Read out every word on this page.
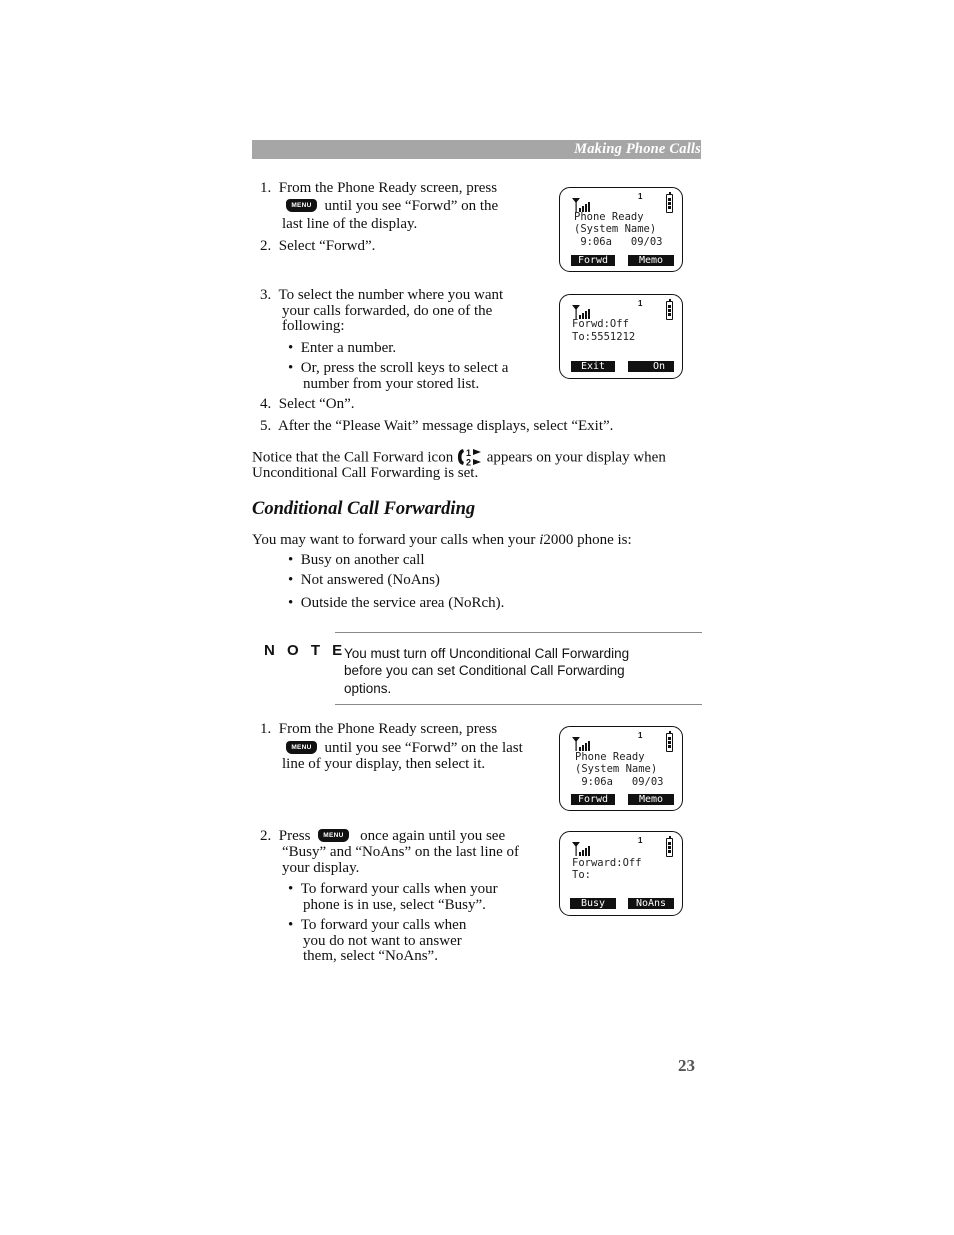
Making Phone Calls
1. From the Phone Ready screen, press
MENU until you see “Forwd” on the
last line of the display.
2. Select “Forwd”.
3. To select the number where you want
your calls forwarded, do one of the
following:
•  Enter a number.
•  Or, press the scroll keys to select a
number from your stored list.
4. Select “On”.
5. After the “Please Wait” message displays, select “Exit”.
Notice that the Call Forward icon 1
2 appears on your display when
Unconditional Call Forwarding is set.
Conditional Call Forwarding
You may want to forward your calls when your i2000 phone is:
•  Busy on another call
•  Not answered (NoAns)
•  Outside the service area (NoRch).
N O T E
You must turn off Unconditional Call Forwarding
before you can set Conditional Call Forwarding
options.
1. From the Phone Ready screen, press
MENU until you see “Forwd” on the last
line of your display, then select it.
2. Press MENU once again until you see
“Busy” and “NoAns” on the last line of
your display.
•  To forward your calls when your
phone is in use, select “Busy”.
•  To forward your calls when
you do not want to answer
them, select “NoAns”.
1
Phone Ready
(System Name)
9:06a   09/03
Forwd	Memo
1
Forwd:Off
To:5551212
Exit	On
1
Phone Ready
(System Name)
9:06a   09/03
Forwd	Memo
1
Forward:Off
To:
Busy	NoAns
23
